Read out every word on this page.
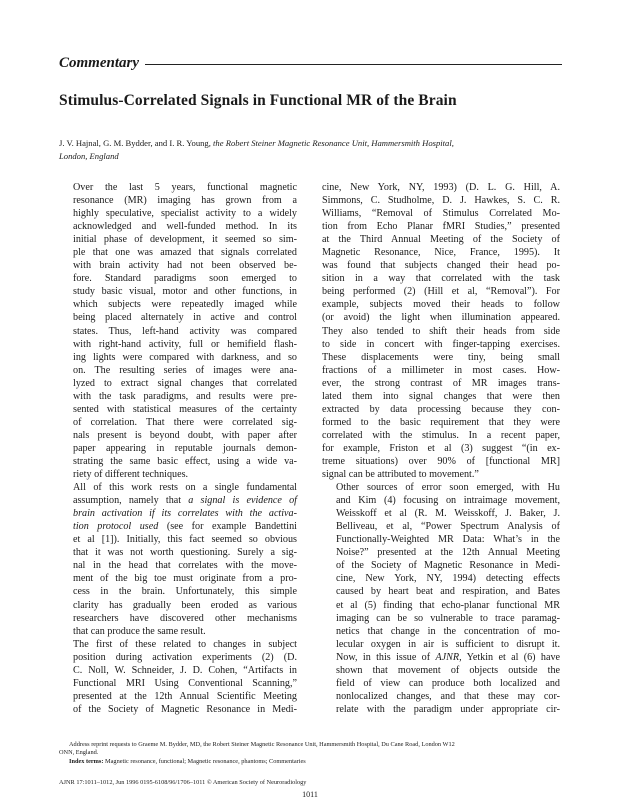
Commentary
Stimulus-Correlated Signals in Functional MR of the Brain
J. V. Hajnal, G. M. Bydder, and I. R. Young, the Robert Steiner Magnetic Resonance Unit, Hammersmith Hospital,
London, England

Over the last 5 years, functional magnetic
resonance (MR) imaging has grown from a
highly speculative, specialist activity to a widely
acknowledged and well-funded method. In its
initial phase of development, it seemed so sim-
ple that one was amazed that signals correlated
with brain activity had not been observed be-
fore. Standard paradigms soon emerged to
study basic visual, motor and other functions, in
which subjects were repeatedly imaged while
being placed alternately in active and control
states. Thus, left-hand activity was compared
with right-hand activity, full or hemifield flash-
ing lights were compared with darkness, and so
on. The resulting series of images were ana-
lyzed to extract signal changes that correlated
with the task paradigms, and results were pre-
sented with statistical measures of the certainty
of correlation. That there were correlated sig-
nals present is beyond doubt, with paper after
paper appearing in reputable journals demon-
strating the same basic effect, using a wide va-
riety of different techniques.

All of this work rests on a single fundamental
assumption, namely that a signal is evidence of
brain activation if its correlates with the activa-
tion protocol used (see for example Bandettini
et al [1]). Initially, this fact seemed so obvious
that it was not worth questioning. Surely a sig-
nal in the head that correlates with the move-
ment of the big toe must originate from a pro-
cess in the brain. Unfortunately, this simple
clarity has gradually been eroded as various
researchers have discovered other mechanisms
that can produce the same result.

The first of these related to changes in subject
position during activation experiments (2) (D.
C. Noll, W. Schneider, J. D. Cohen, “Artifacts in
Functional MRI Using Conventional Scanning,”
presented at the 12th Annual Scientific Meeting
of the Society of Magnetic Resonance in Medi-

cine, New York, NY, 1993) (D. L. G. Hill, A.
Simmons, C. Studholme, D. J. Hawkes, S. C. R.
Williams, “Removal of Stimulus Correlated Mo-
tion from Echo Planar fMRI Studies,” presented
at the Third Annual Meeting of the Society of
Magnetic Resonance, Nice, France, 1995). It
was found that subjects changed their head po-
sition in a way that correlated with the task
being performed (2) (Hill et al, “Removal”). For
example, subjects moved their heads to follow
(or avoid) the light when illumination appeared.
They also tended to shift their heads from side
to side in concert with finger-tapping exercises.
These displacements were tiny, being small
fractions of a millimeter in most cases. How-
ever, the strong contrast of MR images trans-
lated them into signal changes that were then
extracted by data processing because they con-
formed to the basic requirement that they were
correlated with the stimulus. In a recent paper,
for example, Friston et al (3) suggest “(in ex-
treme situations) over 90% of [functional MR]
signal can be attributed to movement.”

Other sources of error soon emerged, with Hu
and Kim (4) focusing on intraimage movement,
Weisskoff et al (R. M. Weisskoff, J. Baker, J.
Belliveau, et al, “Power Spectrum Analysis of
Functionally-Weighted MR Data: What’s in the
Noise?” presented at the 12th Annual Meeting
of the Society of Magnetic Resonance in Medi-
cine, New York, NY, 1994) detecting effects
caused by heart beat and respiration, and Bates
et al (5) finding that echo-planar functional MR
imaging can be so vulnerable to trace paramag-
netics that change in the concentration of mo-
lecular oxygen in air is sufficient to disrupt it.
Now, in this issue of AJNR, Yetkin et al (6) have
shown that movement of objects outside the
field of view can produce both localized and
nonlocalized changes, and that these may cor-
relate with the paradigm under appropriate cir-

Address reprint requests to Graeme M. Bydder, MD, the Robert Steiner Magnetic Resonance Unit, Hammersmith Hospital, Du Cane Road, London W12

ONN, England.

Index terms: Magnetic resonance, functional; Magnetic resonance, phantoms; Commentaries

AJNR 17:1011–1012, Jun 1996 0195-6108/96/1706–1011 © American Society of Neuroradiology
1011
